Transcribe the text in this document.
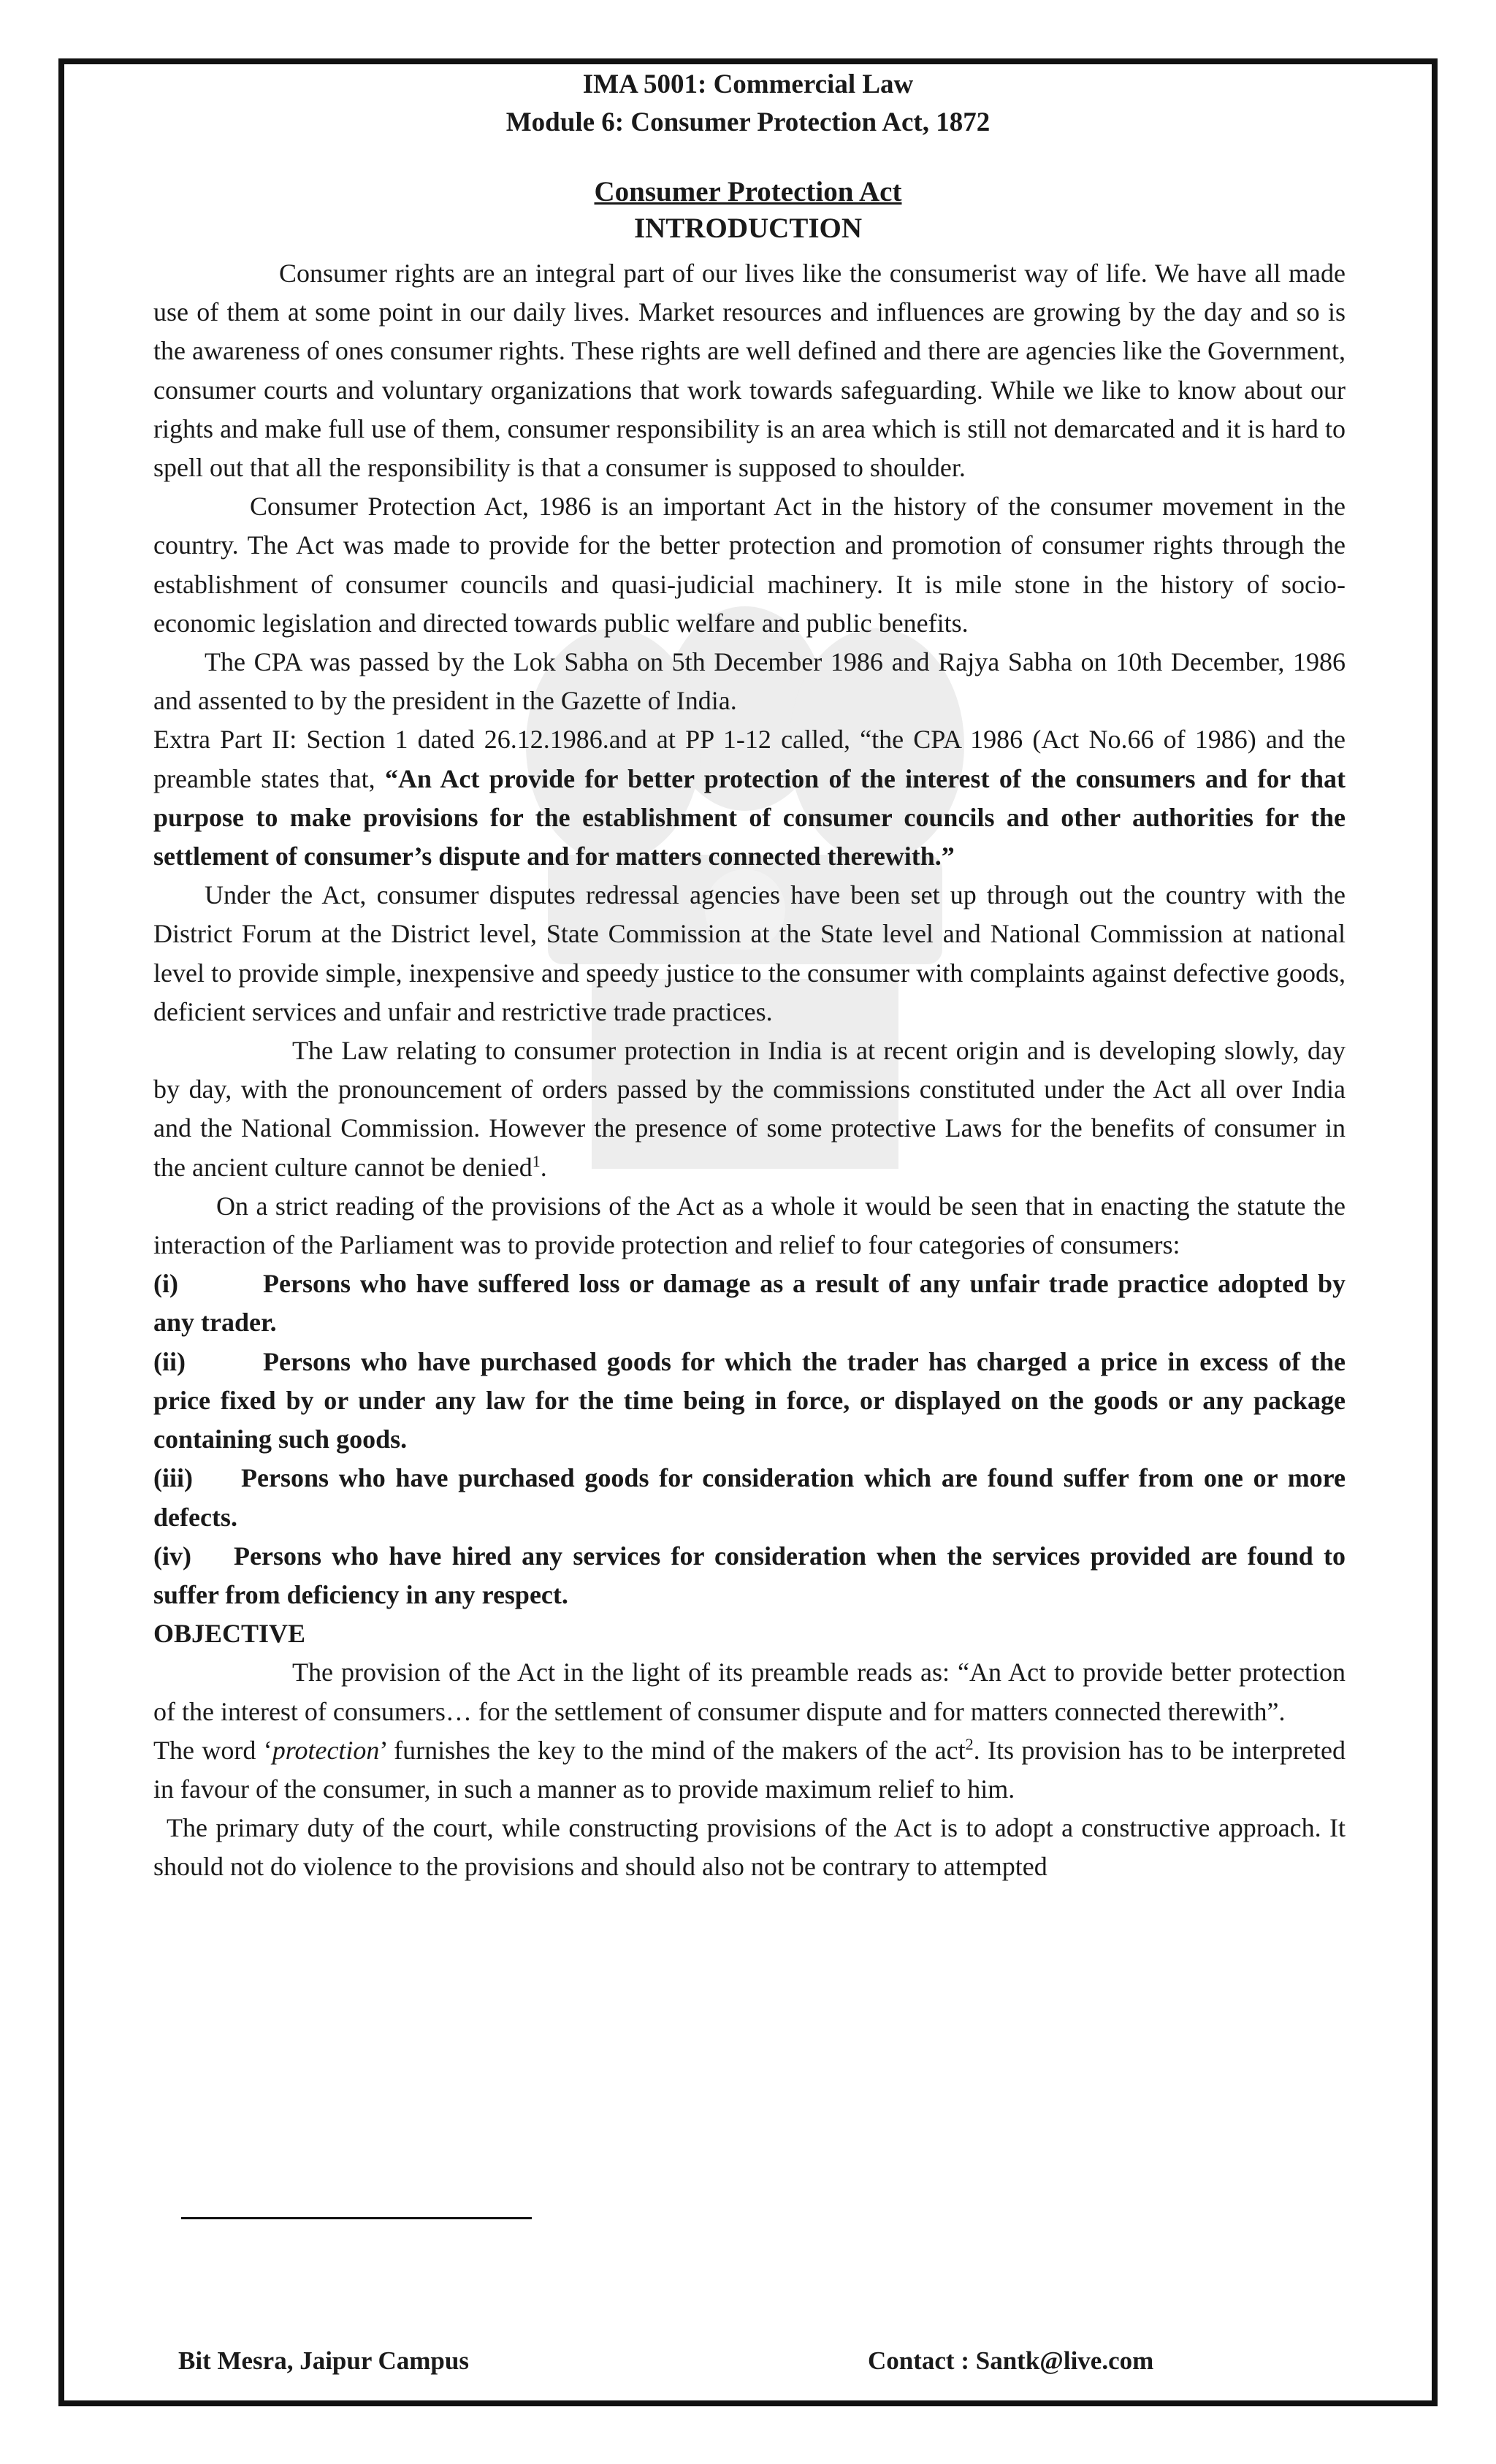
IMA 5001: Commercial Law
Module 6: Consumer Protection Act, 1872
Consumer Protection Act
INTRODUCTION

Consumer rights are an integral part of our lives like the consumerist way of life. We have all made use of them at some point in our daily lives. Market resources and influences are growing by the day and so is the awareness of ones consumer rights. These rights are well defined and there are agencies like the Government, consumer courts and voluntary organizations that work towards safeguarding. While we like to know about our rights and make full use of them, consumer responsibility is an area which is still not demarcated and it is hard to spell out that all the responsibility is that a consumer is supposed to shoulder.

Consumer Protection Act, 1986 is an important Act in the history of the consumer movement in the country. The Act was made to provide for the better protection and promotion of consumer rights through the establishment of consumer councils and quasi-judicial machinery. It is mile stone in the history of socio-economic legislation and directed towards public welfare and public benefits.

The CPA was passed by the Lok Sabha on 5th December 1986 and Rajya Sabha on 10th December, 1986 and assented to by the president in the Gazette of India.

Extra Part II: Section 1 dated 26.12.1986.and at PP 1-12 called, “the CPA 1986 (Act No.66 of 1986) and the preamble states that, “An Act provide for better protection of the interest of the consumers and for that purpose to make provisions for the establishment of consumer councils and other authorities for the settlement of consumer’s dispute and for matters connected therewith.”

Under the Act, consumer disputes redressal agencies have been set up through out the country with the District Forum at the District level, State Commission at the State level and National Commission at national level to provide simple, inexpensive and speedy justice to the consumer with complaints against defective goods, deficient services and unfair and restrictive trade practices.

The Law relating to consumer protection in India is at recent origin and is developing slowly, day by day, with the pronouncement of orders passed by the commissions constituted under the Act all over India and the National Commission. However the presence of some protective Laws for the benefits of consumer in the ancient culture cannot be denied$^1$.

On a strict reading of the provisions of the Act as a whole it would be seen that in enacting the statute the interaction of the Parliament was to provide protection and relief to four categories of consumers:

(i)	Persons who have suffered loss or damage as a result of any unfair trade practice adopted by any trader.

(ii)	Persons who have purchased goods for which the trader has charged a price in excess of the price fixed by or under any law for the time being in force, or displayed on the goods or any package containing such goods.

(iii) Persons who have purchased goods for consideration which are found suffer from one or more defects.

(iv) Persons who have hired any services for consideration when the services provided are found to suffer from deficiency in any respect.

OBJECTIVE

The provision of the Act in the light of its preamble reads as: “An Act to provide better protection of the interest of consumers… for the settlement of consumer dispute and for matters connected therewith”.

The word ‘protection’ furnishes the key to the mind of the makers of the act$^2$. Its provision has to be interpreted in favour of the consumer, in such a manner as to provide maximum relief to him.

The primary duty of the court, while constructing provisions of the Act is to adopt a constructive approach. It should not do violence to the provisions and should also not be contrary to attempted

Bit Mesra, Jaipur Campus	Contact : Santk@live.com
